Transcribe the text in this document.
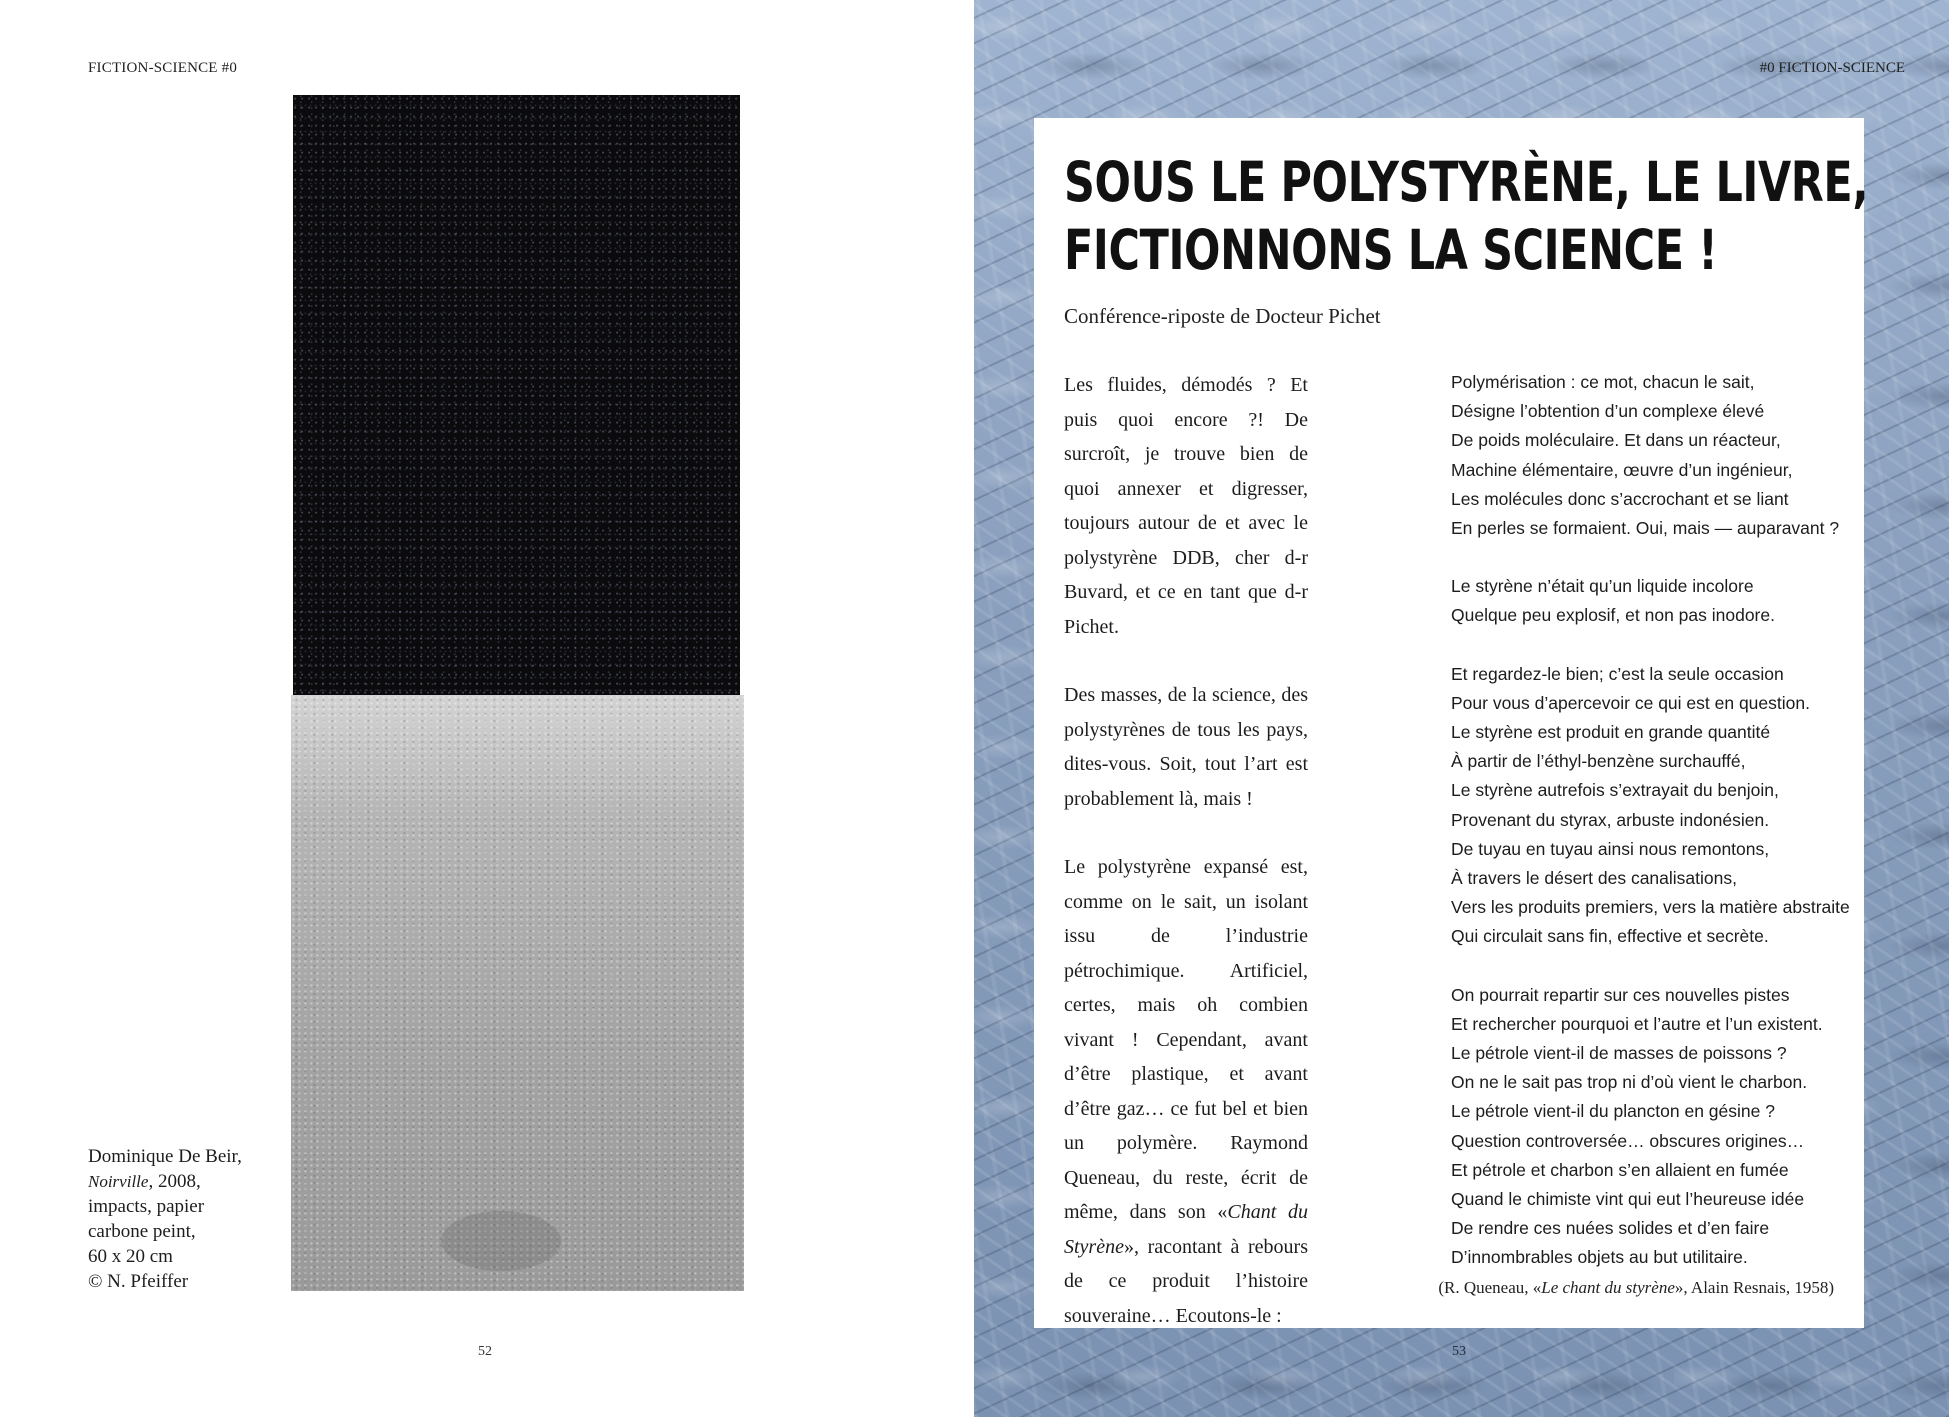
FICTION-SCIENCE #0
Dominique De Beir,
Noirville, 2008,
impacts, papier
carbone peint,
60 x 20 cm
© N. Pfeiffer
52
#0 FICTION-SCIENCE
53
SOUS LE POLYSTYRÈNE, LE LIVRE,
FICTIONNONS LA SCIENCE !
Conférence-riposte de Docteur Pichet

Les fluides, démodés ? Et puis quoi encore ?! De surcroît, je trouve bien de quoi annexer et digresser, toujours autour de et avec le polystyrène DDB, cher d-r Buvard, et ce en tant que d-r Pichet.

Des masses, de la science, des polystyrènes de tous les pays, dites-vous. Soit, tout l’art est probablement là, mais !

Le polystyrène expansé est, comme on le sait, un isolant issu de l’industrie pétrochimique. Artificiel, certes, mais oh combien vivant ! Cependant, avant d’être plastique, et avant d’être gaz… ce fut bel et bien un polymère. Raymond Queneau, du reste, écrit de même, dans son «Chant du Styrène», racontant à rebours de ce produit l’histoire souveraine… Ecoutons-le :

Polymérisation : ce mot, chacun le sait,
Désigne l’obtention d’un complexe élevé
De poids moléculaire. Et dans un réacteur,
Machine élémentaire, œuvre d’un ingénieur,
Les molécules donc s’accrochant et se liant
En perles se formaient. Oui, mais — auparavant ?
Le styrène n’était qu’un liquide incolore
Quelque peu explosif, et non pas inodore.
Et regardez-le bien; c’est la seule occasion
Pour vous d’apercevoir ce qui est en question.
Le styrène est produit en grande quantité
À partir de l’éthyl-benzène surchauffé,
Le styrène autrefois s’extrayait du benjoin,
Provenant du styrax, arbuste indonésien.
De tuyau en tuyau ainsi nous remontons,
À travers le désert des canalisations,
Vers les produits premiers, vers la matière abstraite
Qui circulait sans fin, effective et secrète.
On pourrait repartir sur ces nouvelles pistes
Et rechercher pourquoi et l’autre et l’un existent.
Le pétrole vient-il de masses de poissons ?
On ne le sait pas trop ni d’où vient le charbon.
Le pétrole vient-il du plancton en gésine ?
Question controversée… obscures origines…
Et pétrole et charbon s’en allaient en fumée
Quand le chimiste vint qui eut l’heureuse idée
De rendre ces nuées solides et d’en faire
D’innombrables objets au but utilitaire.
(R. Queneau, «Le chant du styrène», Alain Resnais, 1958)
